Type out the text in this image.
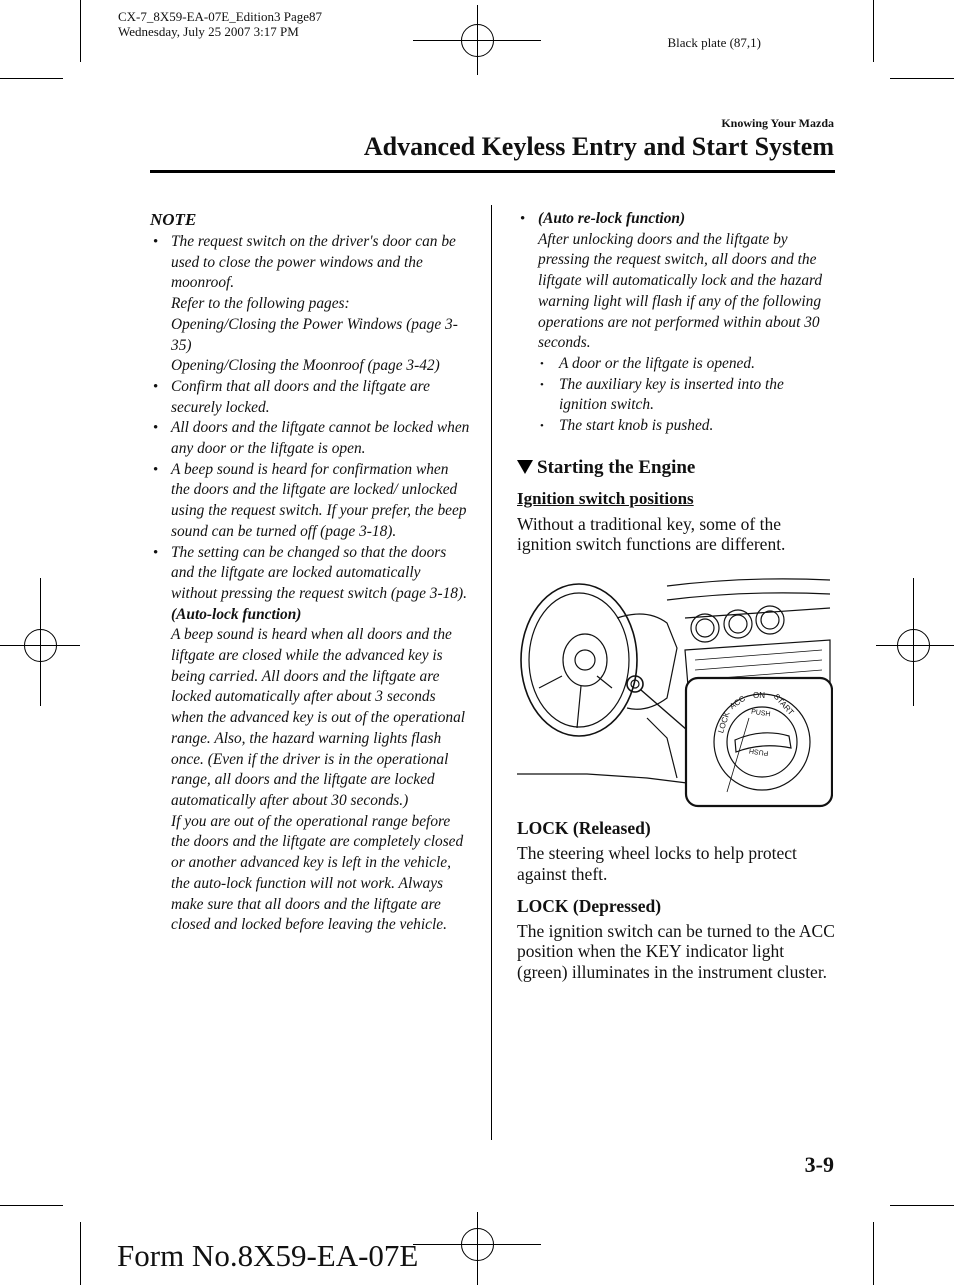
CX-7_8X59-EA-07E_Edition3 Page87
Wednesday, July 25 2007 3:17 PM
Black plate (87,1)
Knowing Your Mazda
Advanced Keyless Entry and Start System
NOTE

• The request switch on the driver's door can be used to close the power windows and the moonroof.

Refer to the following pages:

Opening/Closing the Power Windows (page 3-35)

Opening/Closing the Moonroof (page 3-42)

• Confirm that all doors and the liftgate are securely locked.

• All doors and the liftgate cannot be locked when any door or the liftgate is open.

• A beep sound is heard for confirmation when the doors and the liftgate are locked/ unlocked using the request switch. If your prefer, the beep sound can be turned off (page 3-18).

• The setting can be changed so that the doors and the liftgate are locked automatically without pressing the request switch (page 3-18).

(Auto-lock function)

A beep sound is heard when all doors and the liftgate are closed while the advanced key is being carried. All doors and the liftgate are locked automatically after about 3 seconds when the advanced key is out of the operational range. Also, the hazard warning lights flash once. (Even if the driver is in the operational range, all doors and the liftgate are locked automatically after about 30 seconds.)

If you are out of the operational range before the doors and the liftgate are completely closed or another advanced key is left in the vehicle, the auto-lock function will not work. Always make sure that all doors and the liftgate are closed and locked before leaving the vehicle.

• (Auto re-lock function)

After unlocking doors and the liftgate by pressing the request switch, all doors and the liftgate will automatically lock and the hazard warning light will flash if any of the following operations are not performed within about 30 seconds.

• A door or the liftgate is opened.
• The auxiliary key is inserted into the ignition switch.
• The start knob is pushed.
Starting the Engine
Ignition switch positions

Without a traditional key, some of the ignition switch functions are different.

LOCK (Released)

The steering wheel locks to help protect against theft.

LOCK (Depressed)

The ignition switch can be turned to the ACC position when the KEY indicator light (green) illuminates in the instrument cluster.

LOCK
ACC ON START
PUSH
PUSH
3-9
Form No.8X59-EA-07E
